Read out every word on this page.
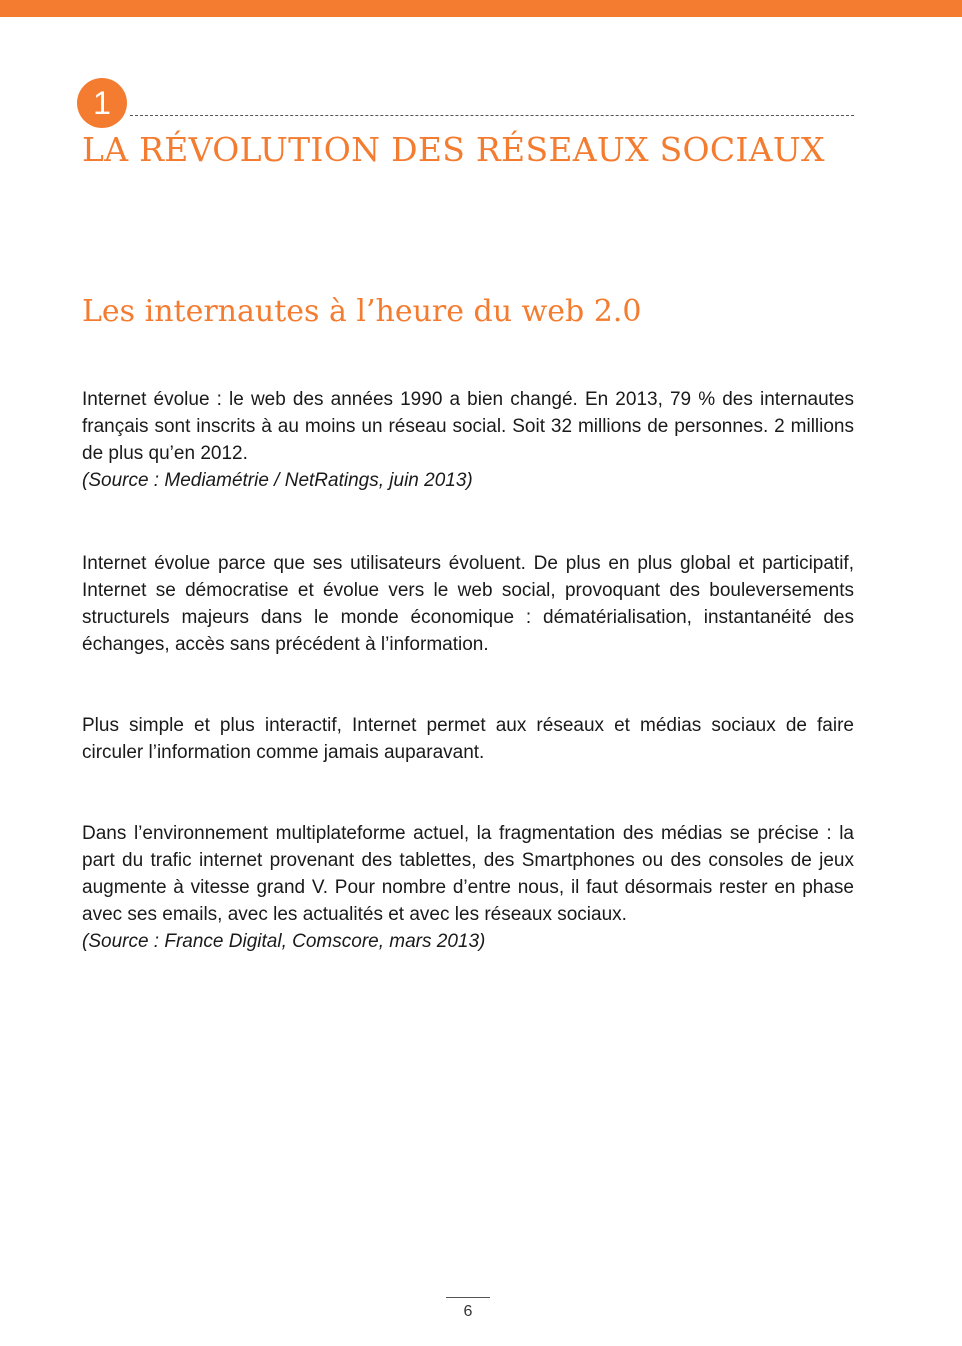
1
LA RÉVOLUTION DES RÉSEAUX SOCIAUX
Les internautes à l’heure du web 2.0

Internet évolue : le web des années 1990 a bien changé. En 2013, 79 % des internautes français sont inscrits à au moins un réseau social. Soit 32 millions de personnes. 2 millions de plus qu’en 2012.
(Source : Mediamétrie / NetRatings, juin 2013)

Internet évolue parce que ses utilisateurs évoluent. De plus en plus global et participatif, Internet se démocratise et évolue vers le web social, provoquant des bouleversements structurels majeurs dans le monde économique : dématérialisation, instantanéité des échanges, accès sans précédent à l’information.

Plus simple et plus interactif, Internet permet aux réseaux et médias sociaux de faire circuler l’information comme jamais auparavant.

Dans l’environnement multiplateforme actuel, la fragmentation des médias se précise : la part du trafic internet provenant des tablettes, des Smartphones ou des consoles de jeux augmente à vitesse grand V. Pour nombre d’entre nous, il faut désormais rester en phase avec ses emails, avec les actualités et avec les réseaux sociaux.
(Source : France Digital, Comscore, mars 2013)

6
